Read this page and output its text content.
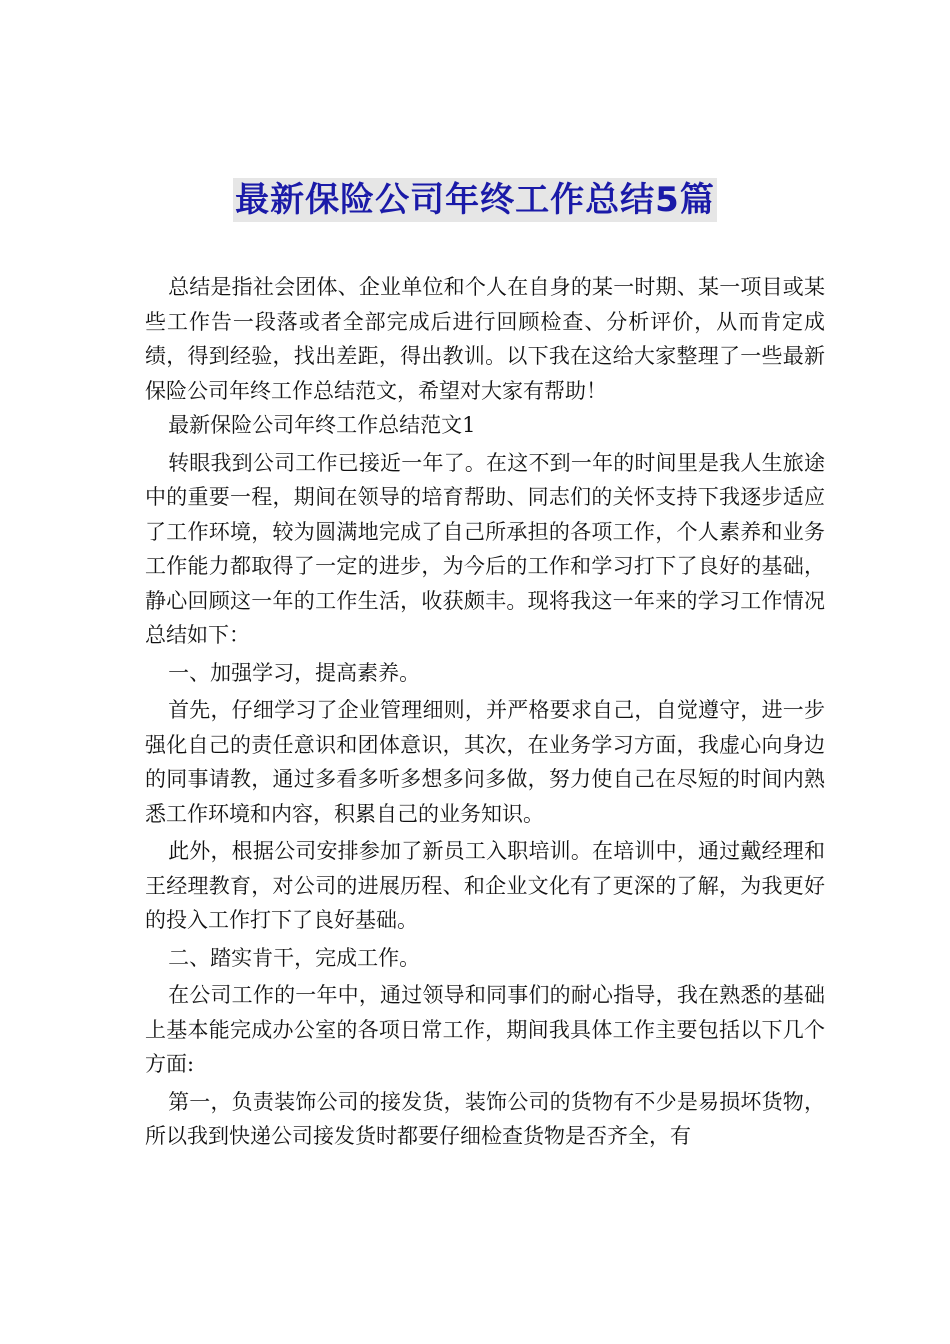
最新保险公司年终工作总结5篇

总结是指社会团体、企业单位和个人在自身的某一时期、某一项目或某些工作告一段落或者全部完成后进行回顾检查、分析评价，从而肯定成绩，得到经验，找出差距，得出教训。以下我在这给大家整理了一些最新保险公司年终工作总结范文，希望对大家有帮助！

最新保险公司年终工作总结范文1

转眼我到公司工作已接近一年了。在这不到一年的时间里是我人生旅途中的重要一程，期间在领导的培育帮助、同志们的关怀支持下我逐步适应了工作环境，较为圆满地完成了自己所承担的各项工作，个人素养和业务工作能力都取得了一定的进步，为今后的工作和学习打下了良好的基础，静心回顾这一年的工作生活，收获颇丰。现将我这一年来的学习工作情况总结如下：

一、加强学习，提高素养。

首先，仔细学习了企业管理细则，并严格要求自己，自觉遵守，进一步强化自己的责任意识和团体意识，其次，在业务学习方面，我虚心向身边的同事请教，通过多看多听多想多问多做，努力使自己在尽短的时间内熟悉工作环境和内容，积累自己的业务知识。

此外，根据公司安排参加了新员工入职培训。在培训中，通过戴经理和王经理教育，对公司的进展历程、和企业文化有了更深的了解，为我更好的投入工作打下了良好基础。

二、踏实肯干，完成工作。

在公司工作的一年中，通过领导和同事们的耐心指导，我在熟悉的基础上基本能完成办公室的各项日常工作，期间我具体工作主要包括以下几个方面:

第一，负责装饰公司的接发货，装饰公司的货物有不少是易损坏货物，所以我到快递公司接发货时都要仔细检查货物是否齐全，有
